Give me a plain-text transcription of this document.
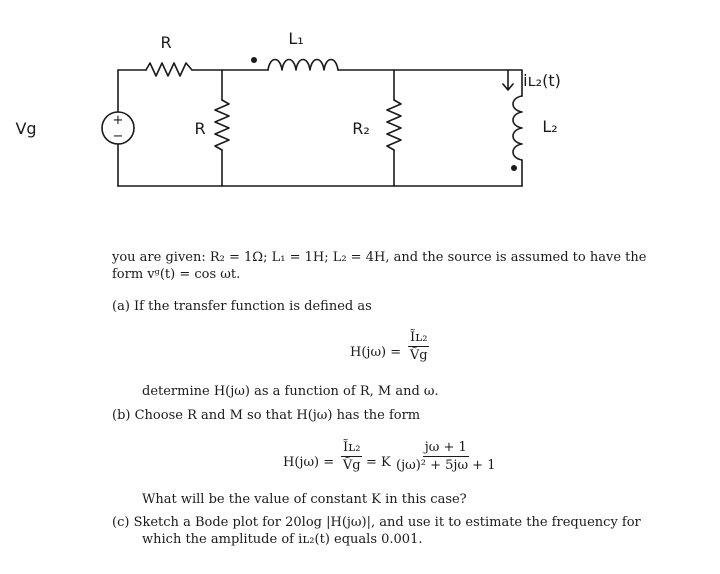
R	L₁
R	R₂	L₂
iʟ₂(t)
Vg	+
−
you are given: R₂ = 1Ω; L₁ = 1H; L₂ = 4H, and the source is assumed to have the
form vᵍ(t) = cos ωt.
(a) If the transfer function is defined as
$H(j\omega) = \frac{\text{Ĩʟ₂}}{Ṽg}$
determine H(jω) as a function of R, M and ω.
(b) Choose R and M so that H(jω) has the form
$H(j\omega) = \frac{\text{Ĩʟ₂}}{Ṽg} = K \frac{j\omega + 1}{\text{(jω)² + 5jω + 1}}$
What will be the value of constant K in this case?
(c) Sketch a Bode plot for 20log |H(jω)|, and use it to estimate the frequency for
which the amplitude of iʟ₂(t) equals 0.001.
